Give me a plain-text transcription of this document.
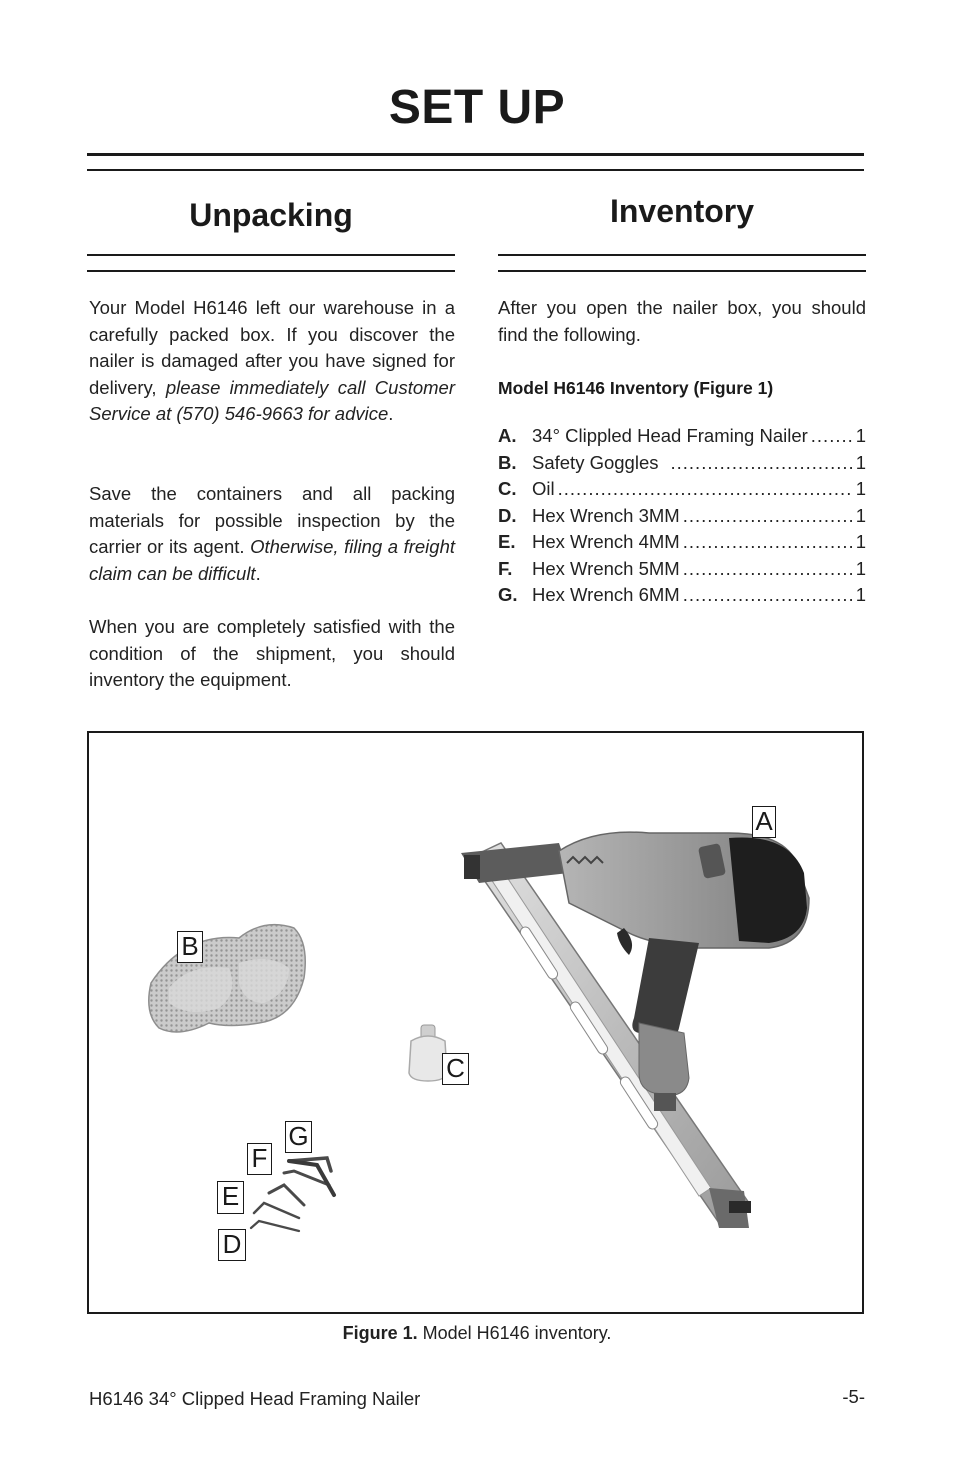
SET UP
Unpacking
Your Model H6146 left our warehouse in a carefully packed box. If you discover the nailer is damaged after you have signed for delivery, please immediately call Customer Service at (570) 546-9663 for advice.
Save the containers and all packing materials for possible inspection by the carrier or its agent. Otherwise, filing a freight claim can be difficult.
When you are completely satisfied with the condition of the shipment, you should inventory the equipment.
Inventory
After you open the nailer box, you should find the following.
Model H6146 Inventory (Figure 1)
A. 34° Clippled Head Framing Nailer .....	1
B. Safety Goggles .....	1
C. Oil .....	1
D. Hex Wrench 3MM .....	1
E. Hex Wrench 4MM .....	1
F.	Hex Wrench 5MM .....	1
G. Hex Wrench 6MM .....	1
A
B
C
G
F
E
D
Figure 1. Model H6146 inventory.
H6146 34° Clipped Head Framing Nailer	-5-
